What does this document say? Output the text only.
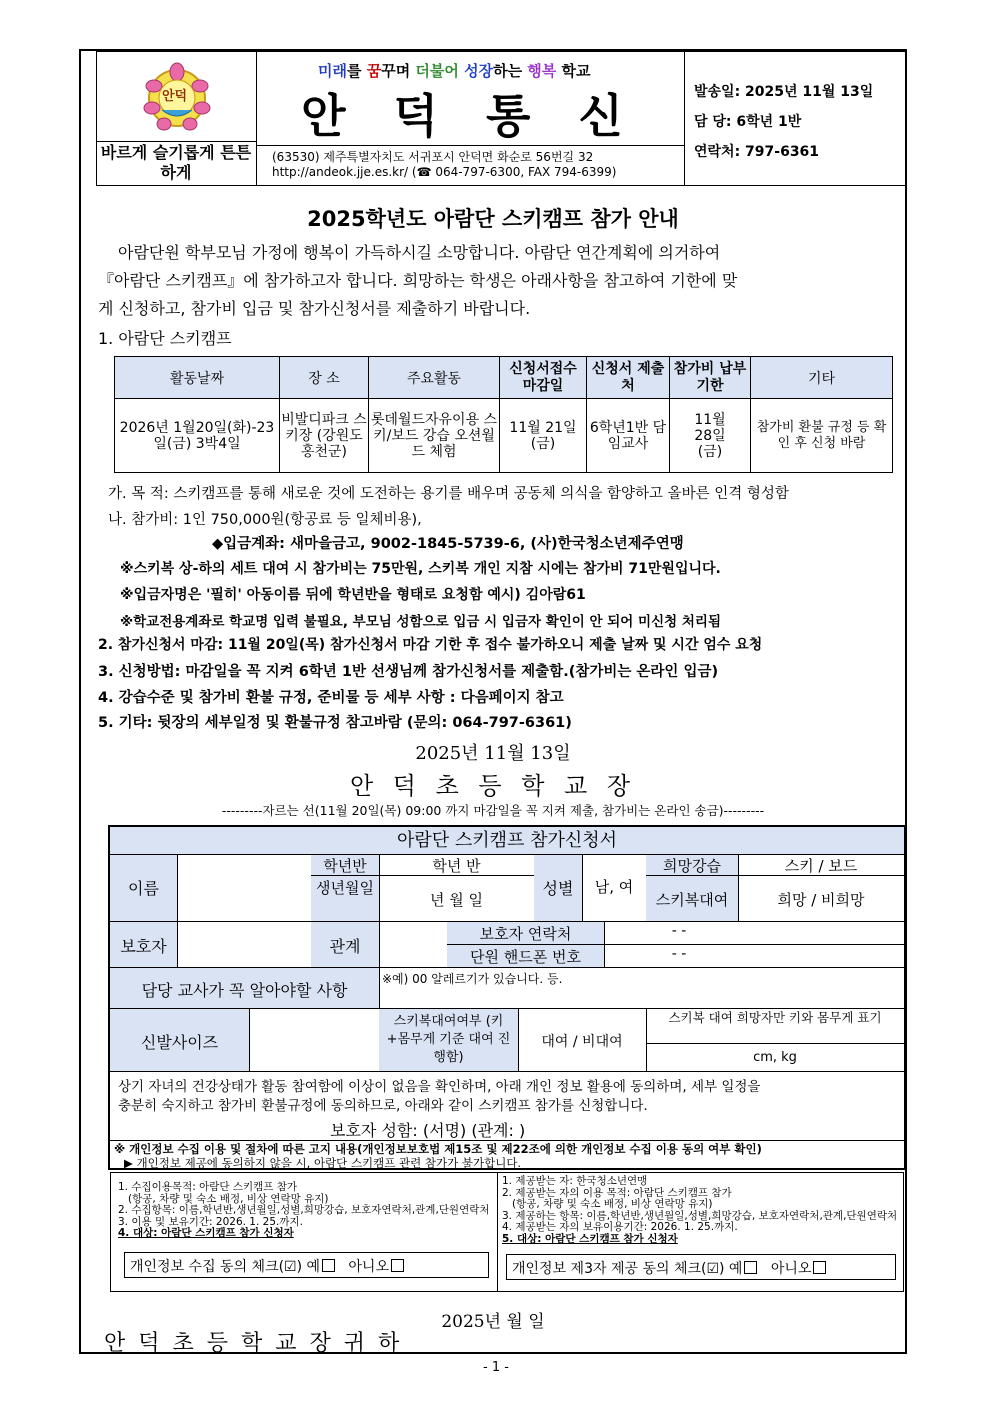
안덕
바르게 슬기롭게 튼튼하게
미래를 꿈꾸며 더불어 성장하는 행복 학교
안 덕 통 신
(63530) 제주특별자치도 서귀포시 안덕면 화순로 56번길 32
http://andeok.jje.es.kr/ (☎ 064-797-6300, FAX 794-6399)
발송일: 2025년 11월 13일
담 당: 6학년 1반
연락처: 797-6361
2025학년도 아람단 스키캠프 참가 안내
아람단원 학부모님 가정에 행복이 가득하시길 소망합니다. 아람단 연간계획에 의거하여
『아람단 스키캠프』에 참가하고자 합니다. 희망하는 학생은 아래사항을 참고하여 기한에 맞
게 신청하고, 참가비 입금 및 참가신청서를 제출하기 바랍니다.
1. 아람단 스키캠프
활동날짜	장 소	주요활동	신청서접수 마감일	신청서 제출처	참가비 납부기한	기타
2026년 1월20일(화)-23일(금) 3박4일	비발디파크 스키장 (강원도 홍천군)	롯데월드자유이용 스키/보드 강습 오션월드 체험	11월 21일 (금)	6학년1반 담임교사	11월 28일 (금)	참가비 환불 규정 등 확인 후 신청 바람
가. 목 적: 스키캠프를 통해 새로운 것에 도전하는 용기를 배우며 공동체 의식을 함양하고 올바른 인격 형성함
나. 참가비: 1인 750,000원(항공료 등 일체비용),
◆입금계좌: 새마을금고, 9002-1845-5739-6, (사)한국청소년제주연맹
※스키복 상-하의 세트 대여 시 참가비는 75만원, 스키복 개인 지참 시에는 참가비 71만원입니다.
※입금자명은 '필히' 아동이름 뒤에 학년반을 형태로 요청함 예시) 김아람61
※학교전용계좌로 학교명 입력 불필요, 부모님 성함으로 입금 시 입금자 확인이 안 되어 미신청 처리됨
2. 참가신청서 마감: 11월 20일(목) 참가신청서 마감 기한 후 접수 불가하오니 제출 날짜 및 시간 엄수 요청
3. 신청방법: 마감일을 꼭 지켜 6학년 1반 선생님께 참가신청서를 제출함.(참가비는 온라인 입금)
4. 강습수준 및 참가비 환불 규정, 준비물 등 세부 사항 : 다음페이지 참고
5. 기타: 뒷장의 세부일정 및 환불규정 참고바람 (문의: 064-797-6361)
2025년 11월 13일
안 덕 초 등 학 교 장
---------자르는 선(11월 20일(목) 09:00 까지 마감일을 꼭 지켜 제출, 참가비는 온라인 송금)---------
아람단 스키캠프 참가신청서
이름
학년반	학년 반
생년월일
년 월 일
성별	남, 여
희망강습	스키 / 보드
스키복대여	희망 / 비희망
보호자	관계
보호자 연락처	- -
단원 핸드폰 번호	- -
담당 교사가 꼭 알아야할 사항
※예) 00 알레르기가 있습니다. 등.
신발사이즈
스키복대여여부 (키+몸무게 기준 대여 진행함)
대여 / 비대여
스키복 대여 희망자만 키와 몸무게 표기
cm, kg
상기 자녀의 건강상태가 활동 참여함에 이상이 없음을 확인하며, 아래 개인 정보 활용에 동의하며, 세부 일정을
충분히 숙지하고 참가비 환불규정에 동의하므로, 아래와 같이 스키캠프 참가를 신청합니다.
보호자 성함: (서명) (관계: )
※ 개인정보 수집 이용 및 절차에 따른 고지 내용(개인정보보호법 제15조 및 제22조에 의한 개인정보 수집 이용 동의 여부 확인)
▶ 개인정보 제공에 동의하지 않을 시, 아람단 스키캠프 관련 참가가 불가합니다.
1. 수집이용목적: 아람단 스키캠프 참가
(항공, 차량 및 숙소 배정, 비상 연락망 유지)
2. 수집항목: 이름,학년반,생년월일,성별,희망강습, 보호자연락처,관계,단원연락처
3. 이용 및 보유기간: 2026. 1. 25.까지.
4. 대상: 아람단 스키캠프 참가 신청자
1. 제공받는 자: 한국청소년연맹
2. 제공받는 자의 이용 목적: 아람단 스키캠프 참가
(항공, 차량 및 숙소 배정, 비상 연락망 유지)
3. 제공하는 항목: 이름,학년반,생년월일,성별,희망강습, 보호자연락처,관계,단원연락처
4. 제공받는 자의 보유이용기간: 2026. 1. 25.까지.
5. 대상: 아람단 스키캠프 참가 신청자
개인정보 수집 동의 체크(☑) 예 아니오	개인정보 제3자 제공 동의 체크(☑) 예 아니오
2025년 월 일
안 덕 초 등 학 교 장 귀 하
- 1 -
